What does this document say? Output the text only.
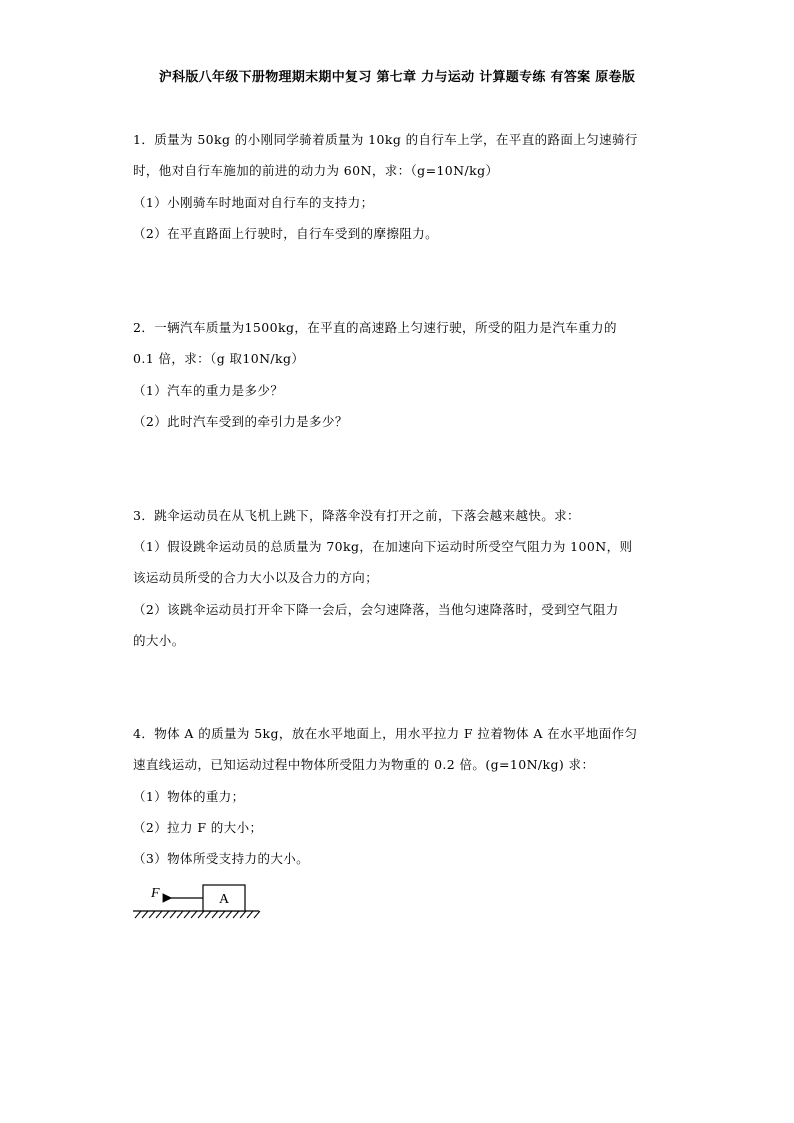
沪科版八年级下册物理期末期中复习 第七章 力与运动 计算题专练 有答案 原卷版
1．质量为 50kg 的小刚同学骑着质量为 10kg 的自行车上学，在平直的路面上匀速骑行
时，他对自行车施加的前进的动力为 60N，求：（g=10N/kg）
（1）小刚骑车时地面对自行车的支持力；
（2）在平直路面上行驶时，自行车受到的摩擦阻力。
2．一辆汽车质量为1500kg，在平直的高速路上匀速行驶，所受的阻力是汽车重力的
0.1 倍，求：（g 取10N/kg）
（1）汽车的重力是多少？
（2）此时汽车受到的牵引力是多少？
3．跳伞运动员在从飞机上跳下，降落伞没有打开之前，下落会越来越快。求：
（1）假设跳伞运动员的总质量为 70kg，在加速向下运动时所受空气阻力为 100N，则
该运动员所受的合力大小以及合力的方向；
（2）该跳伞运动员打开伞下降一会后，会匀速降落，当他匀速降落时，受到空气阻力
的大小。
4．物体 A 的质量为 5kg，放在水平地面上，用水平拉力 F 拉着物体 A 在水平地面作匀
速直线运动，已知运动过程中物体所受阻力为物重的 0.2 倍。(g=10N/kg) 求：
（1）物体的重力；
（2）拉力 F 的大小；
（3）物体所受支持力的大小。
A
F
